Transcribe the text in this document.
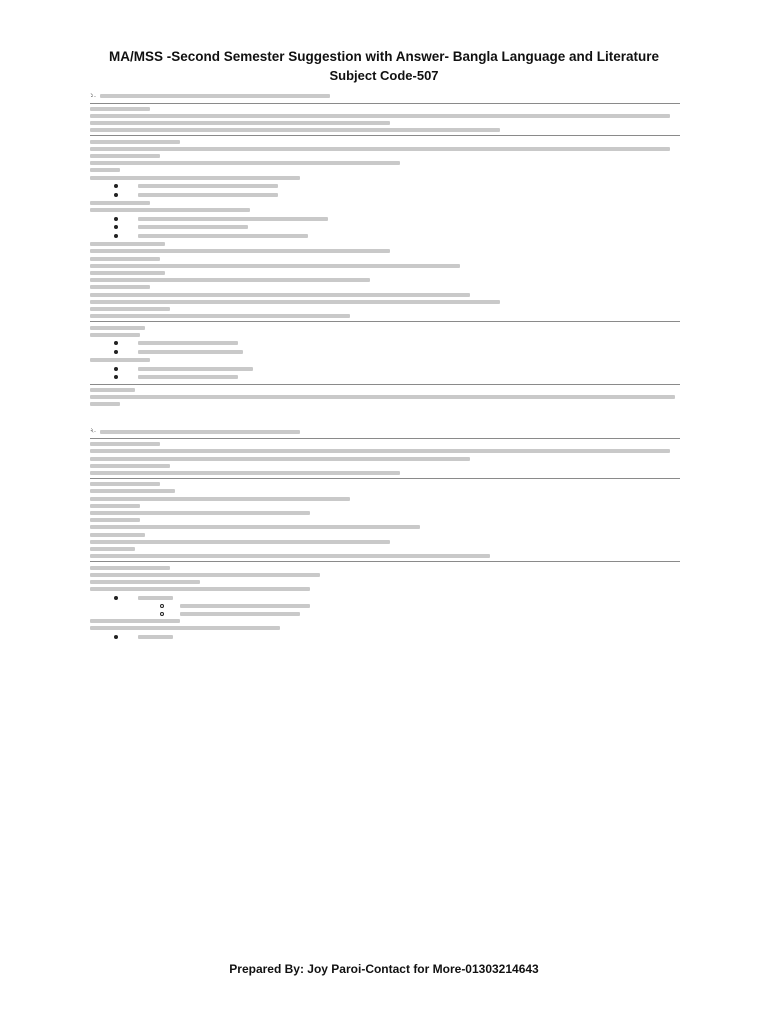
MA/MSS -Second Semester Suggestion with Answer- Bangla Language and Literature
Subject Code-507
১.
২.
Prepared By: Joy Paroi-Contact for More-01303214643
